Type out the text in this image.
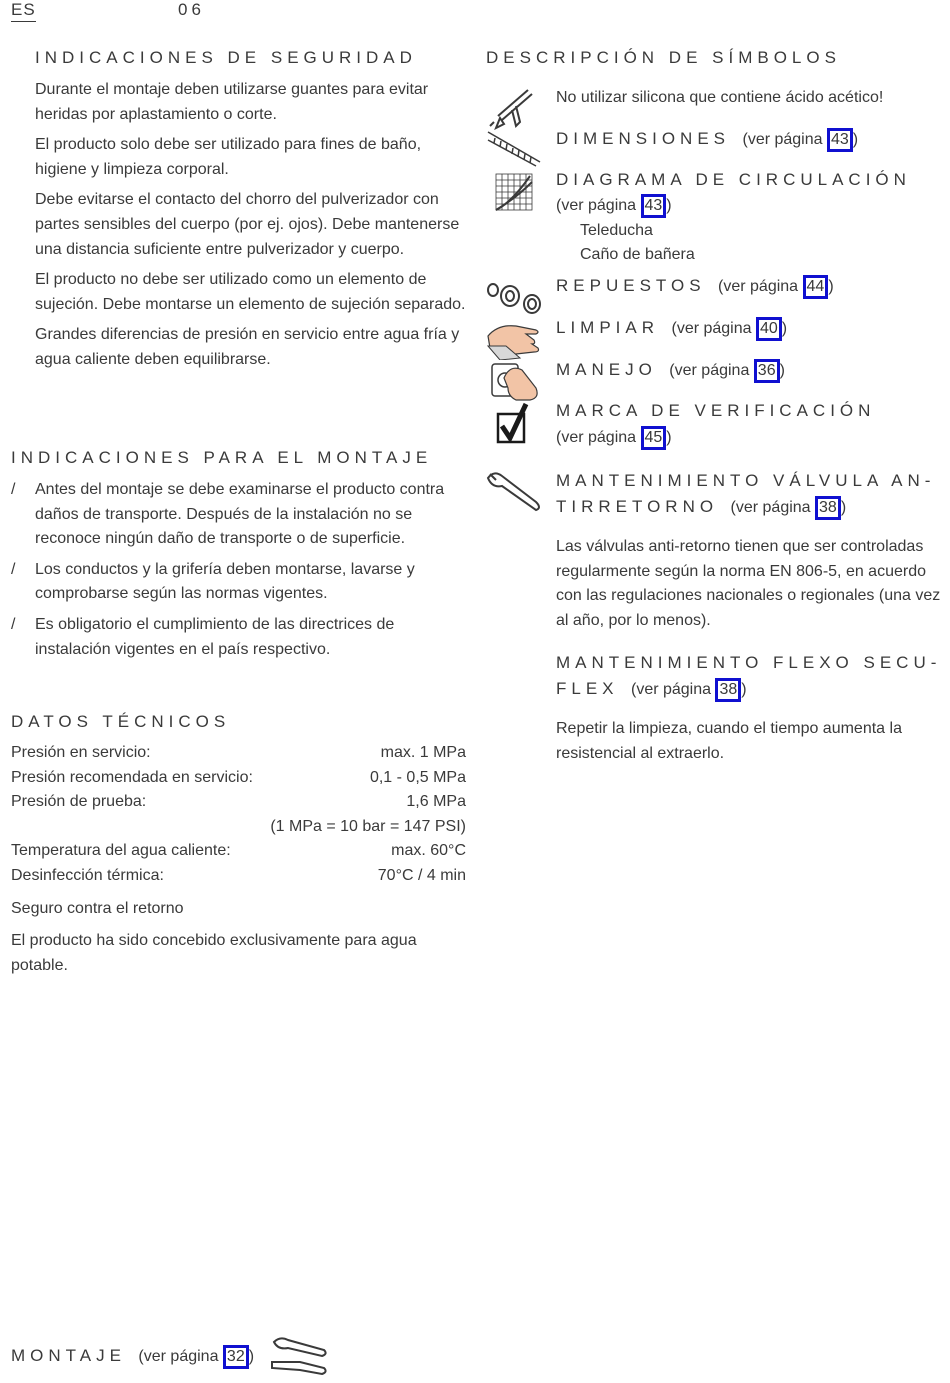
ES	06
INDICACIONES DE SEGURIDAD

Durante el montaje deben utilizarse guantes para evitar heridas por aplastamiento o corte.

El producto solo debe ser utilizado para fines de baño, higiene y limpieza corporal.

Debe evitarse el contacto del chorro del pulverizador con partes sensibles del cuerpo (por ej. ojos). Debe mantenerse una distancia suficiente entre pulverizador y cuerpo.

El producto no debe ser utilizado como un elemento de sujeción. Debe montarse un elemento de sujeción separado.

Grandes diferencias de presión en servicio entre agua fría y agua caliente deben equilibrarse.

INDICACIONES PARA EL MONTAJE
/ Antes del montaje se debe examinarse el producto contra daños de transporte. Después de la instalación no se reconoce ningún daño de transporte o de superficie.
/ Los conductos y la grifería deben montarse, lavarse y comprobarse según las normas vigentes.
/ Es obligatorio el cumplimiento de las directrices de instalación vigentes en el país respectivo.
DATOS TÉCNICOS
Presión en servicio:	max. 1 MPa
Presión recomendada en servicio:	0,1 - 0,5 MPa
Presión de prueba:	1,6 MPa
(1 MPa = 10 bar = 147 PSI)
Temperatura del agua caliente:	max. 60°C
Desinfección térmica:	70°C / 4 min

Seguro contra el retorno

El producto ha sido concebido exclusivamente para agua potable.

DESCRIPCIÓN DE SÍMBOLOS
No utilizar silicona que contiene ácido acético!
DIMENSIONES (ver página 43 )
DIAGRAMA DE CIRCULACIÓN
(ver página 43 )
Teleducha
Caño de bañera
REPUESTOS (ver página 44 )
LIMPIAR (ver página 40 )
MANEJO (ver página 36 )
MARCA DE VERIFICACIÓN
(ver página 45 )
MANTENIMIENTO VÁLVULA AN-
TIRRETORNO (ver página 38 )

Las válvulas anti-retorno tienen que ser controladas regularmente según la norma EN 806-5, en acuerdo con las regulaciones nacionales o regionales (una vez al año, por lo menos).

MANTENIMIENTO FLEXO SECU-
FLEX (ver página 38 )

Repetir la limpieza, cuando el tiempo aumenta la resistencial al extraerlo.

MONTAJE (ver página 32 )
